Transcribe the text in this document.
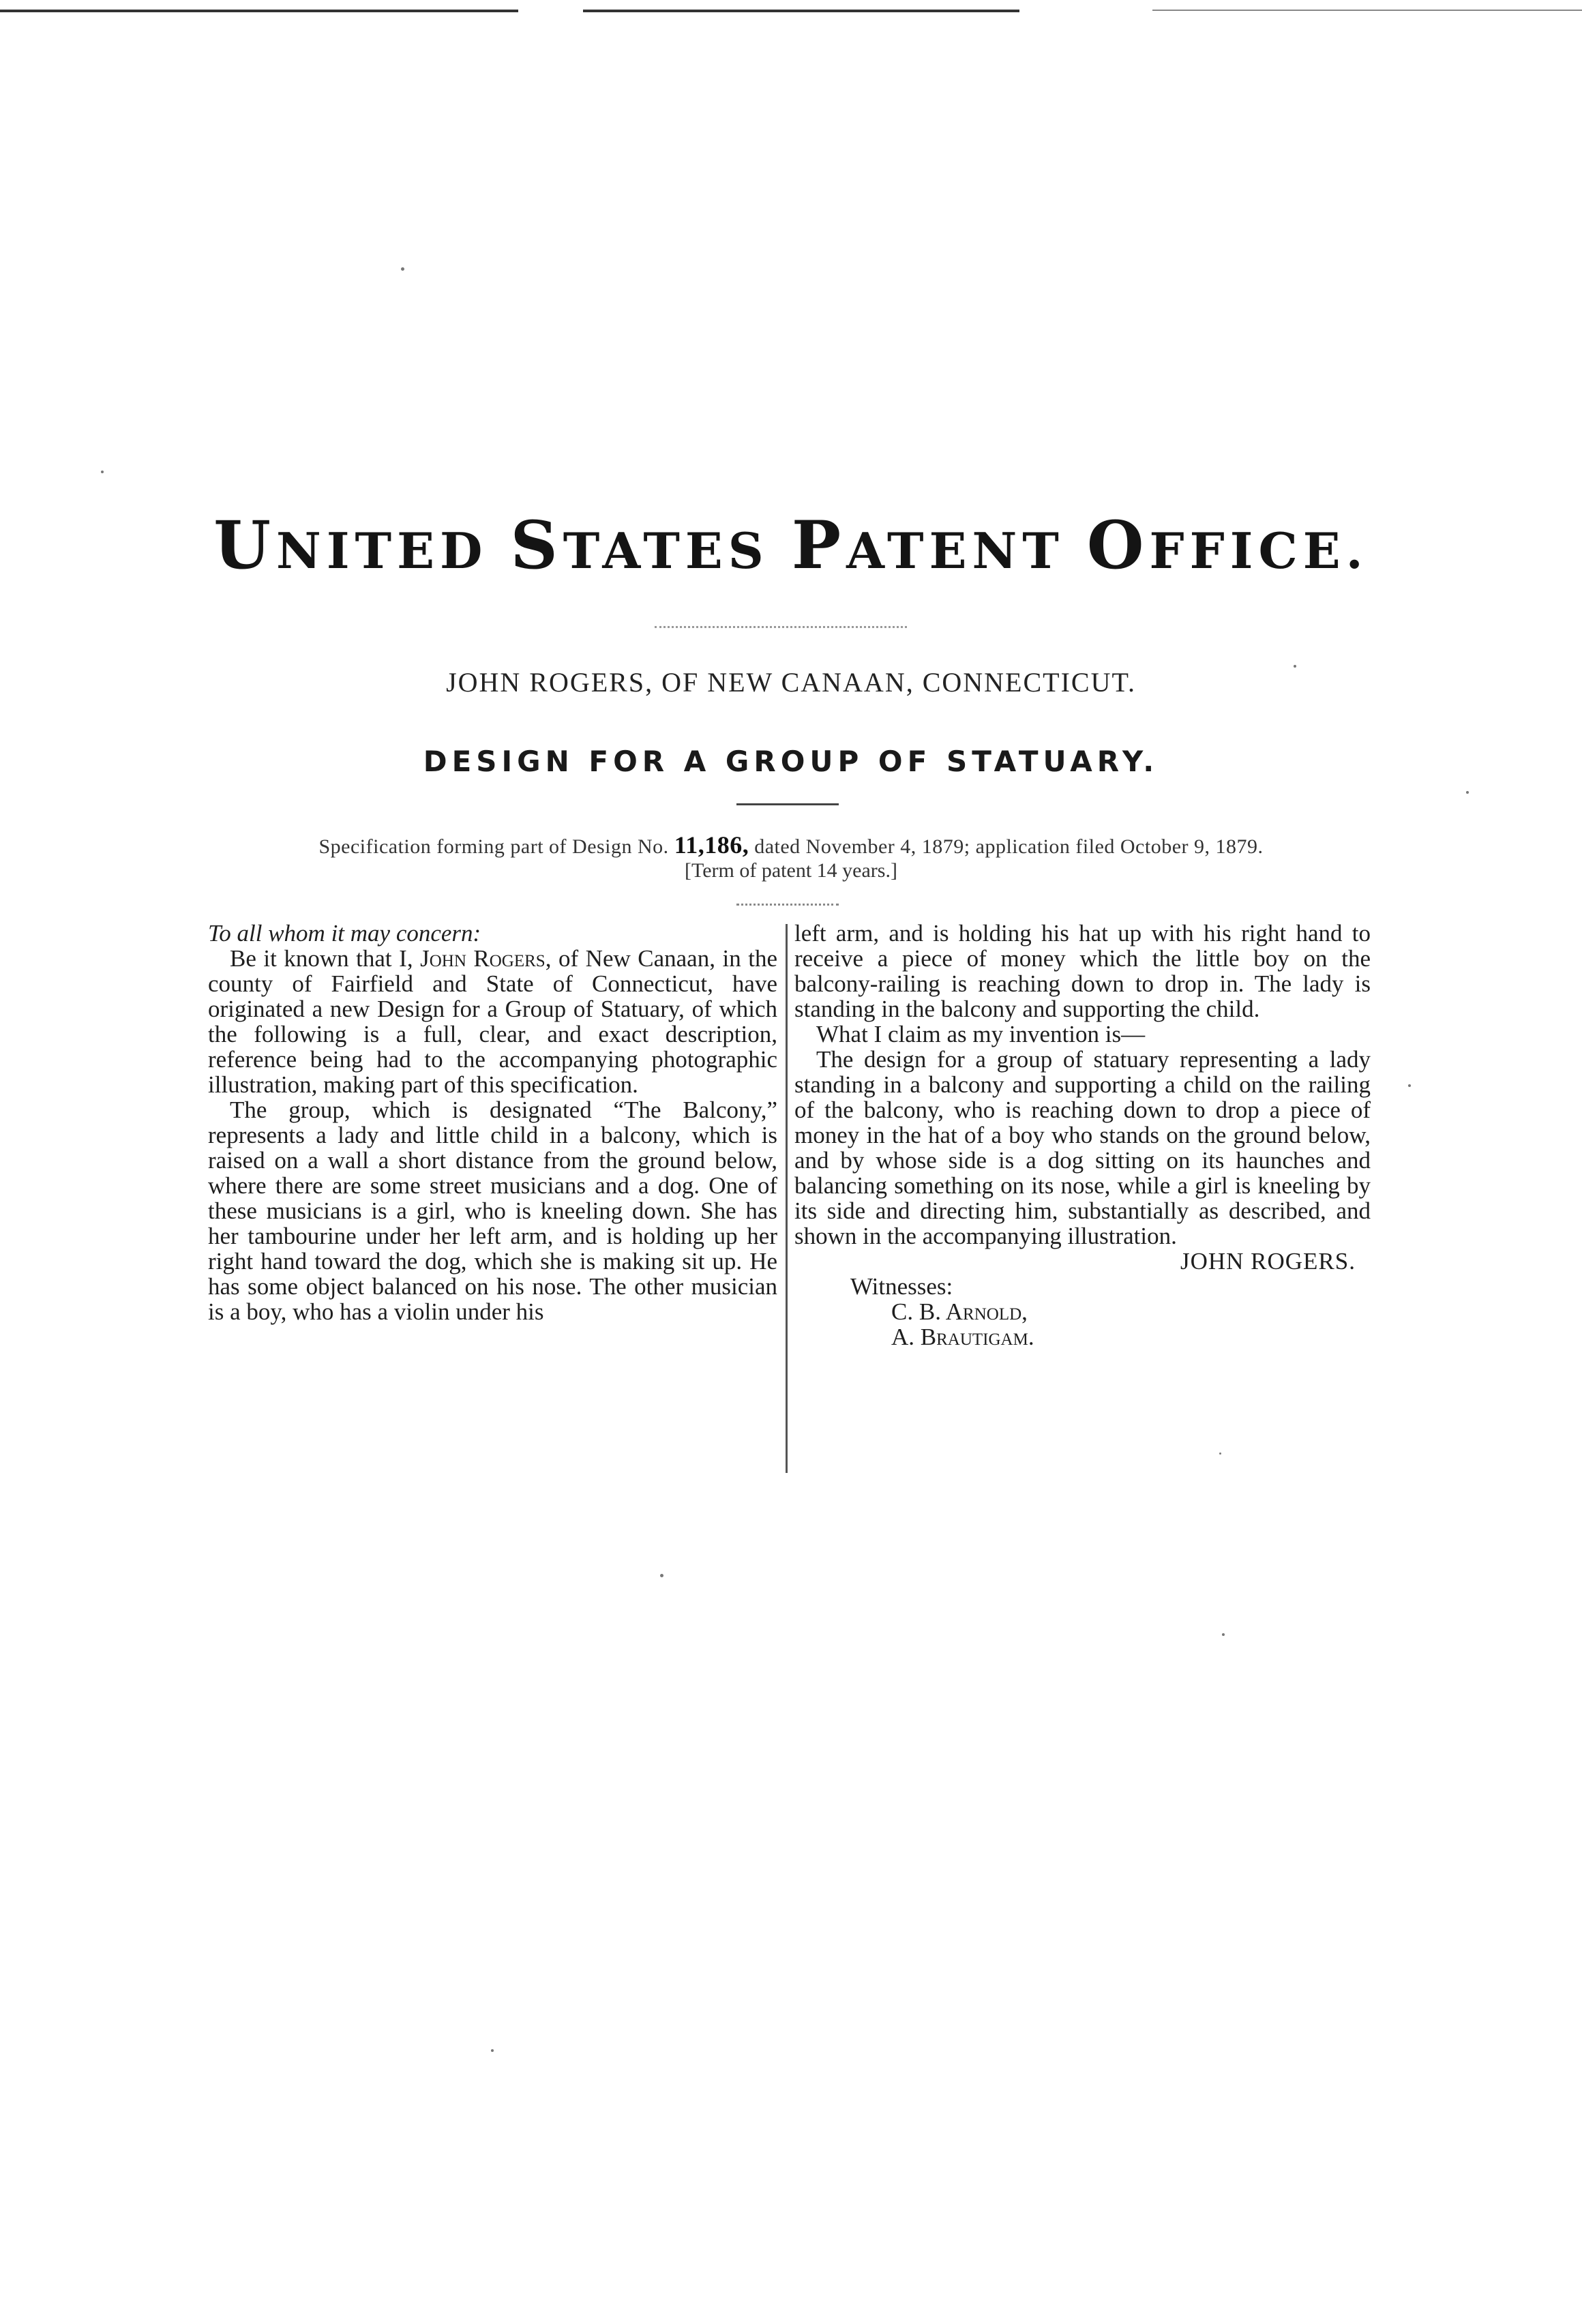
UNITED STATES PATENT OFFICE.
JOHN ROGERS, OF NEW CANAAN, CONNECTICUT.
DESIGN FOR A GROUP OF STATUARY.
Specification forming part of Design No. 11,186, dated November 4, 1879; application filed October 9, 1879.
[Term of patent 14 years.]

To all whom it may concern:

Be it known that I, John Rogers, of New Canaan, in the county of Fairfield and State of Connecticut, have originated a new Design for a Group of Statuary, of which the following is a full, clear, and exact description, reference being had to the accompanying photographic illustration, making part of this specification.

The group, which is designated “The Balcony,” represents a lady and little child in a balcony, which is raised on a wall a short distance from the ground below, where there are some street musicians and a dog. One of these musicians is a girl, who is kneeling down. She has her tambourine under her left arm, and is holding up her right hand toward the dog, which she is making sit up. He has some object balanced on his nose. The other musician is a boy, who has a violin under his

left arm, and is holding his hat up with his right hand to receive a piece of money which the little boy on the balcony-railing is reaching down to drop in. The lady is standing in the balcony and supporting the child.

What I claim as my invention is—

The design for a group of statuary representing a lady standing in a balcony and supporting a child on the railing of the balcony, who is reaching down to drop a piece of money in the hat of a boy who stands on the ground below, and by whose side is a dog sitting on its haunches and balancing something on its nose, while a girl is kneeling by its side and directing him, substantially as described, and shown in the accompanying illustration.

JOHN ROGERS.

Witnesses:

C. B. Arnold,

A. Brautigam.
